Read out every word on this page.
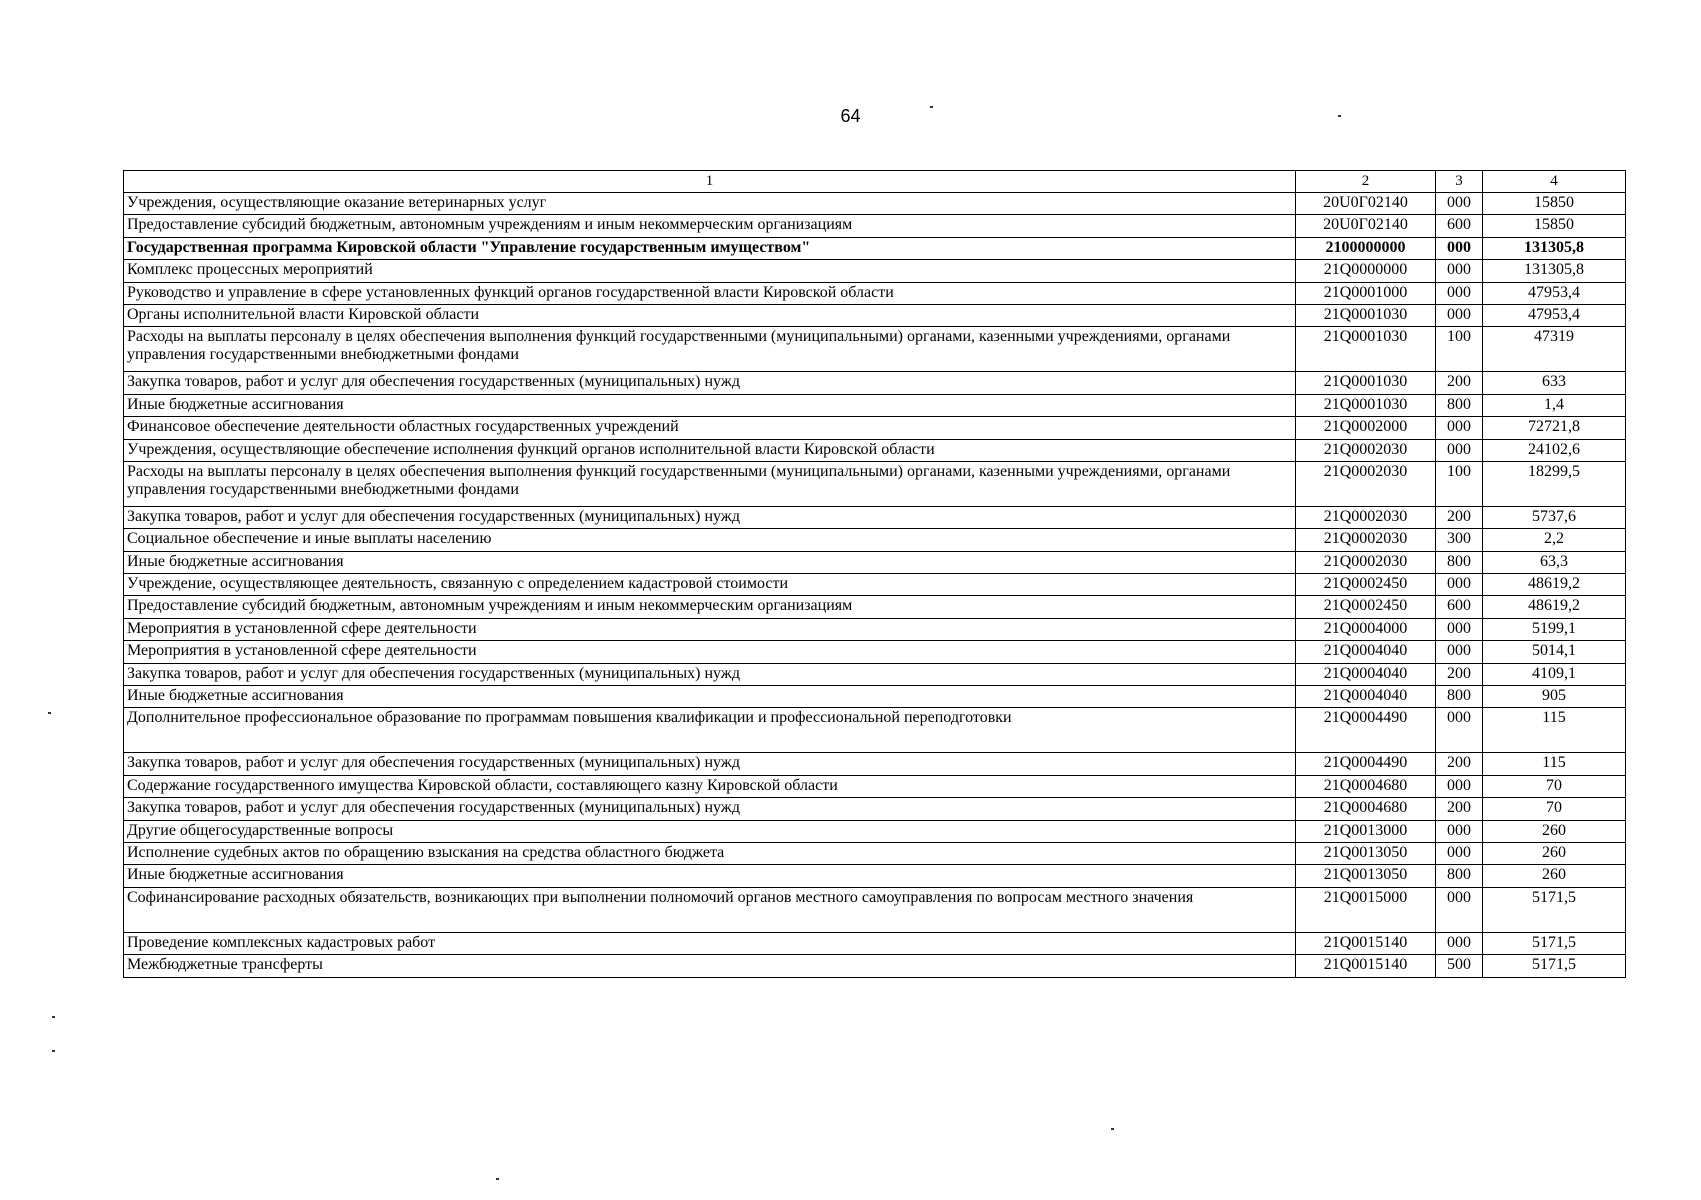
64
1	2	3	4
Учреждения, осуществляющие оказание ветеринарных услуг	20U0Г02140	000	15850
Предоставление субсидий бюджетным, автономным учреждениям и иным некоммерческим организациям	20U0Г02140	600	15850
Государственная программа Кировской области "Управление государственным имуществом"	2100000000	000	131305,8
Комплекс процессных мероприятий	21Q0000000	000	131305,8
Руководство и управление в сфере установленных функций органов государственной власти Кировской области	21Q0001000	000	47953,4
Органы исполнительной власти Кировской области	21Q0001030	000	47953,4
Расходы на выплаты персоналу в целях обеспечения выполнения функций государственными (муниципальными) органами, казенными учреждениями, органами управления государственными внебюджетными фондами	21Q0001030	100	47319
Закупка товаров, работ и услуг для обеспечения государственных (муниципальных) нужд	21Q0001030	200	633
Иные бюджетные ассигнования	21Q0001030	800	1,4
Финансовое обеспечение деятельности областных государственных учреждений	21Q0002000	000	72721,8
Учреждения, осуществляющие обеспечение исполнения функций органов исполнительной власти Кировской области	21Q0002030	000	24102,6
Расходы на выплаты персоналу в целях обеспечения выполнения функций государственными (муниципальными) органами, казенными учреждениями, органами управления государственными внебюджетными фондами	21Q0002030	100	18299,5
Закупка товаров, работ и услуг для обеспечения государственных (муниципальных) нужд	21Q0002030	200	5737,6
Социальное обеспечение и иные выплаты населению	21Q0002030	300	2,2
Иные бюджетные ассигнования	21Q0002030	800	63,3
Учреждение, осуществляющее деятельность, связанную с определением кадастровой стоимости	21Q0002450	000	48619,2
Предоставление субсидий бюджетным, автономным учреждениям и иным некоммерческим организациям	21Q0002450	600	48619,2
Мероприятия в установленной сфере деятельности	21Q0004000	000	5199,1
Мероприятия в установленной сфере деятельности	21Q0004040	000	5014,1
Закупка товаров, работ и услуг для обеспечения государственных (муниципальных) нужд	21Q0004040	200	4109,1
Иные бюджетные ассигнования	21Q0004040	800	905
Дополнительное профессиональное образование по программам повышения квалификации и профессиональной переподготовки	21Q0004490	000	115
Закупка товаров, работ и услуг для обеспечения государственных (муниципальных) нужд	21Q0004490	200	115
Содержание государственного имущества Кировской области, составляющего казну Кировской области	21Q0004680	000	70
Закупка товаров, работ и услуг для обеспечения государственных (муниципальных) нужд	21Q0004680	200	70
Другие общегосударственные вопросы	21Q0013000	000	260
Исполнение судебных актов по обращению взыскания на средства областного бюджета	21Q0013050	000	260
Иные бюджетные ассигнования	21Q0013050	800	260
Софинансирование расходных обязательств, возникающих при выполнении полномочий органов местного самоуправления по вопросам местного значения	21Q0015000	000	5171,5
Проведение комплексных кадастровых работ	21Q0015140	000	5171,5
Межбюджетные трансферты	21Q0015140	500	5171,5
